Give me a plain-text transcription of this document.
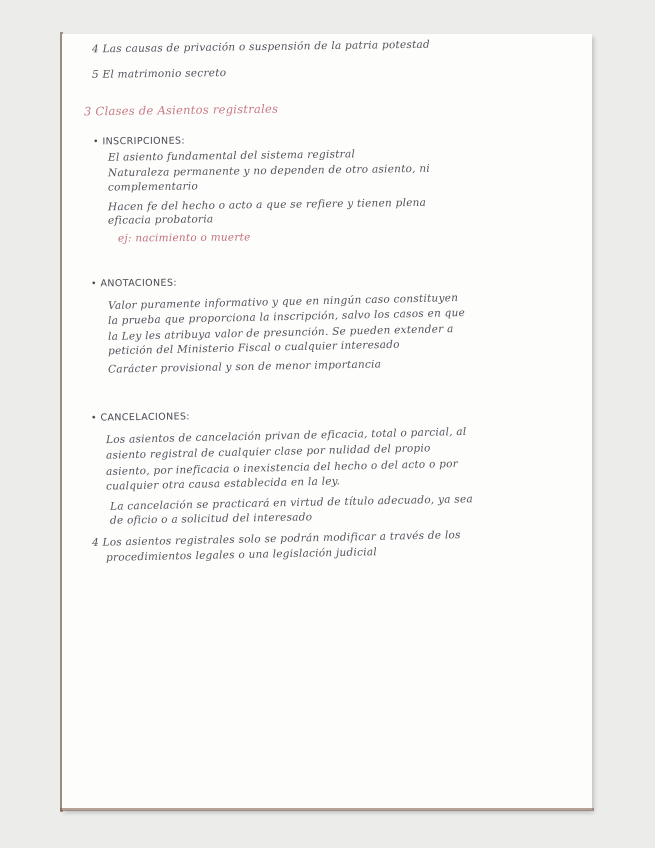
4 Las causas de privación o suspensión de la patria potestad

5 El matrimonio secreto

3 Clases de Asientos registrales

• INSCRIPCIONES:

El asiento fundamental del sistema registral

Naturaleza permanente y no dependen de otro asiento, ni

complementario

Hacen fe del hecho o acto a que se refiere y tienen plena

eficacia probatoria

ej: nacimiento o muerte

• ANOTACIONES:

Valor puramente informativo y que en ningún caso constituyen

la prueba que proporciona la inscripción, salvo los casos en que

la Ley les atribuya valor de presunción. Se pueden extender a

petición del Ministerio Fiscal o cualquier interesado

Carácter provisional y son de menor importancia

• CANCELACIONES:

Los asientos de cancelación privan de eficacia, total o parcial, al

asiento registral de cualquier clase por nulidad del propio

asiento, por ineficacia o inexistencia del hecho o del acto o por

cualquier otra causa establecida en la ley.

La cancelación se practicará en virtud de título adecuado, ya sea

de oficio o a solicitud del interesado

4 Los asientos registrales solo se podrán modificar a través de los

procedimientos legales o una legislación judicial
